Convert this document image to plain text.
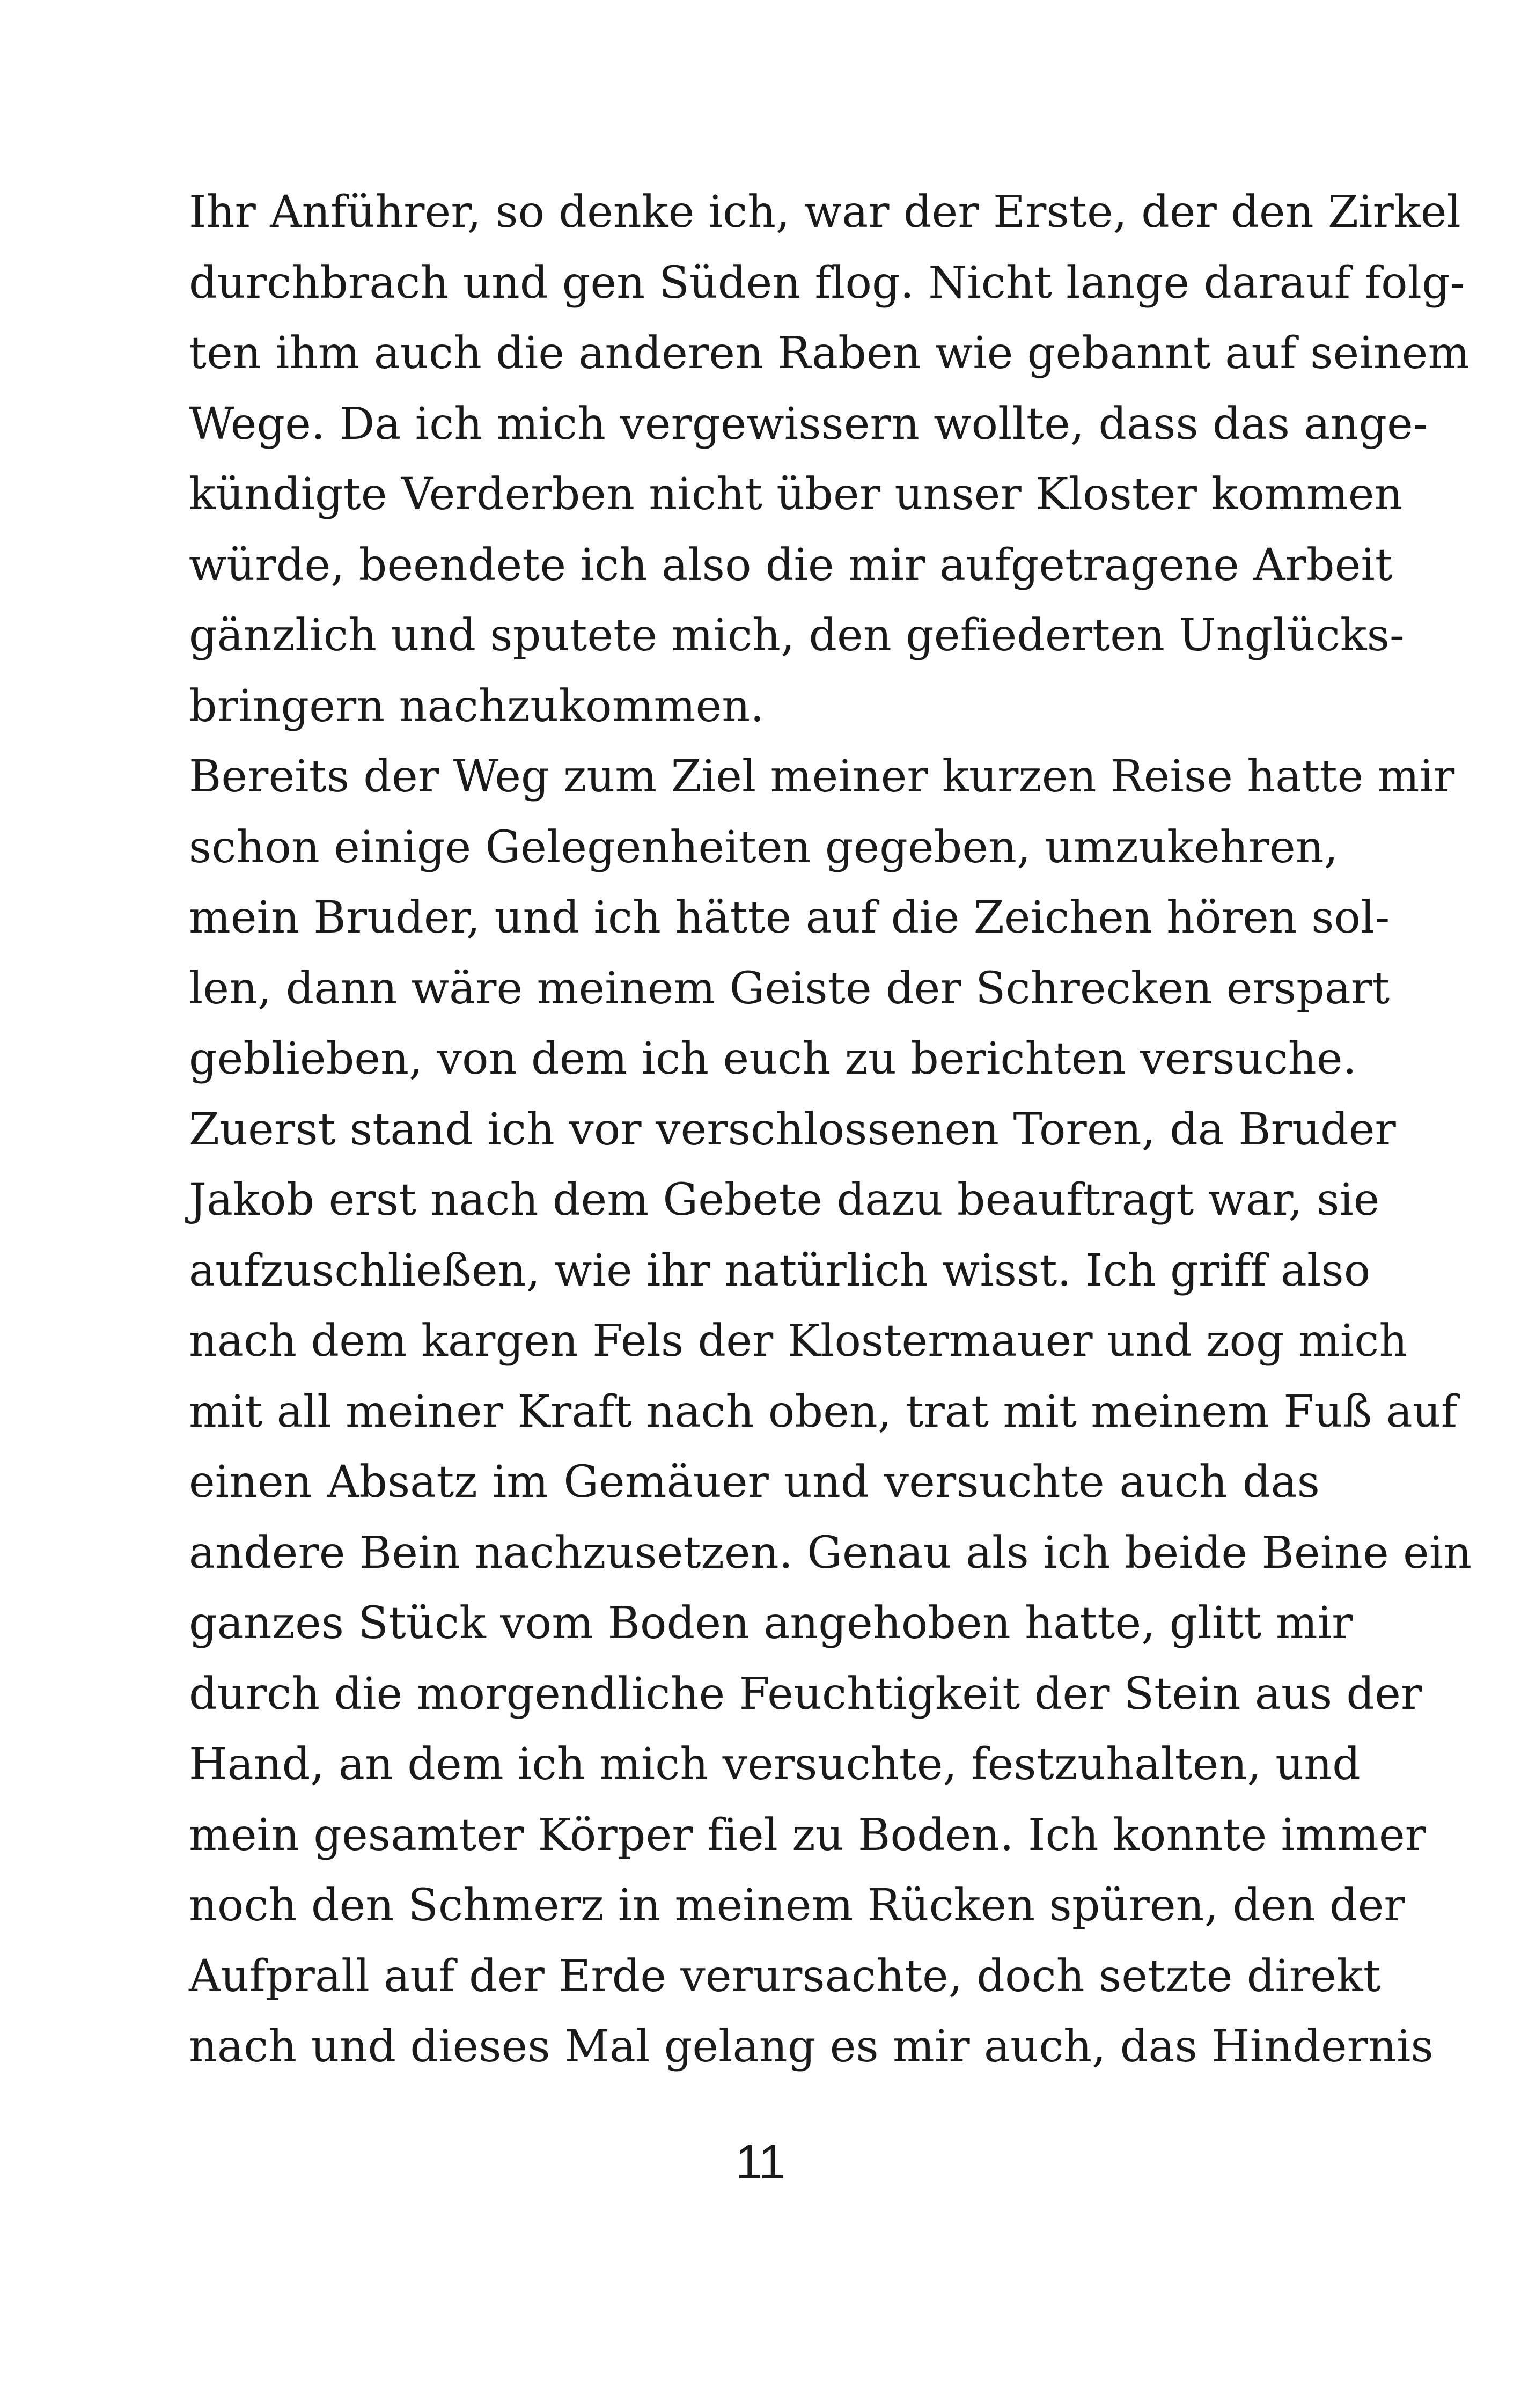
Ihr Anführer, so denke ich, war der Erste, der den Zirkel
durchbrach und gen Süden flog. Nicht lange darauf folg-
ten ihm auch die anderen Raben wie gebannt auf seinem
Wege. Da ich mich vergewissern wollte, dass das ange-
kündigte Verderben nicht über unser Kloster kommen
würde, beendete ich also die mir aufgetragene Arbeit
gänzlich und sputete mich, den gefiederten Unglücks-
bringern nachzukommen.
Bereits der Weg zum Ziel meiner kurzen Reise hatte mir
schon einige Gelegenheiten gegeben, umzukehren,
mein Bruder, und ich hätte auf die Zeichen hören sol-
len, dann wäre meinem Geiste der Schrecken erspart
geblieben, von dem ich euch zu berichten versuche.
Zuerst stand ich vor verschlossenen Toren, da Bruder
Jakob erst nach dem Gebete dazu beauftragt war, sie
aufzuschließen, wie ihr natürlich wisst. Ich griff also
nach dem kargen Fels der Klostermauer und zog mich
mit all meiner Kraft nach oben, trat mit meinem Fuß auf
einen Absatz im Gemäuer und versuchte auch das
andere Bein nachzusetzen. Genau als ich beide Beine ein
ganzes Stück vom Boden angehoben hatte, glitt mir
durch die morgendliche Feuchtigkeit der Stein aus der
Hand, an dem ich mich versuchte, festzuhalten, und
mein gesamter Körper fiel zu Boden. Ich konnte immer
noch den Schmerz in meinem Rücken spüren, den der
Aufprall auf der Erde verursachte, doch setzte direkt
nach und dieses Mal gelang es mir auch, das Hindernis
11
